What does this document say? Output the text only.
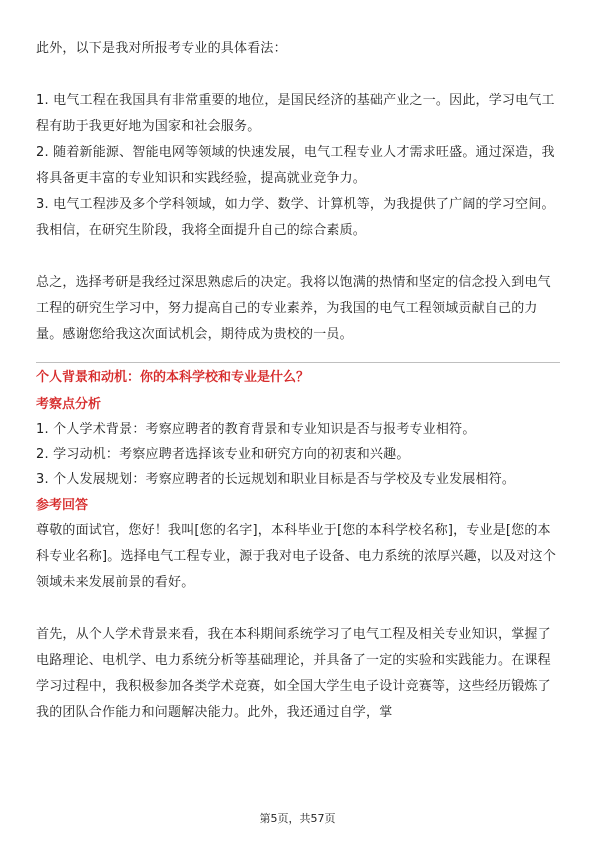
此外，以下是我对所报考专业的具体看法：

1. 电气工程在我国具有非常重要的地位，是国民经济的基础产业之一。因此，学习电气工程有助于我更好地为国家和社会服务。

2. 随着新能源、智能电网等领域的快速发展，电气工程专业人才需求旺盛。通过深造，我将具备更丰富的专业知识和实践经验，提高就业竞争力。

3. 电气工程涉及多个学科领域，如力学、数学、计算机等，为我提供了广阔的学习空间。我相信，在研究生阶段，我将全面提升自己的综合素质。

总之，选择考研是我经过深思熟虑后的决定。我将以饱满的热情和坚定的信念投入到电气工程的研究生学习中，努力提高自己的专业素养，为我国的电气工程领域贡献自己的力量。感谢您给我这次面试机会，期待成为贵校的一员。

个人背景和动机：你的本科学校和专业是什么？
考察点分析

1. 个人学术背景：考察应聘者的教育背景和专业知识是否与报考专业相符。

2. 学习动机：考察应聘者选择该专业和研究方向的初衷和兴趣。

3. 个人发展规划：考察应聘者的长远规划和职业目标是否与学校及专业发展相符。

参考回答

尊敬的面试官，您好！我叫[您的名字]，本科毕业于[您的本科学校名称]，专业是[您的本科专业名称]。选择电气工程专业，源于我对电子设备、电力系统的浓厚兴趣，以及对这个领域未来发展前景的看好。

首先，从个人学术背景来看，我在本科期间系统学习了电气工程及相关专业知识，掌握了电路理论、电机学、电力系统分析等基础理论，并具备了一定的实验和实践能力。在课程学习过程中，我积极参加各类学术竞赛，如全国大学生电子设计竞赛等，这些经历锻炼了我的团队合作能力和问题解决能力。此外，我还通过自学，掌

第5页，共57页
